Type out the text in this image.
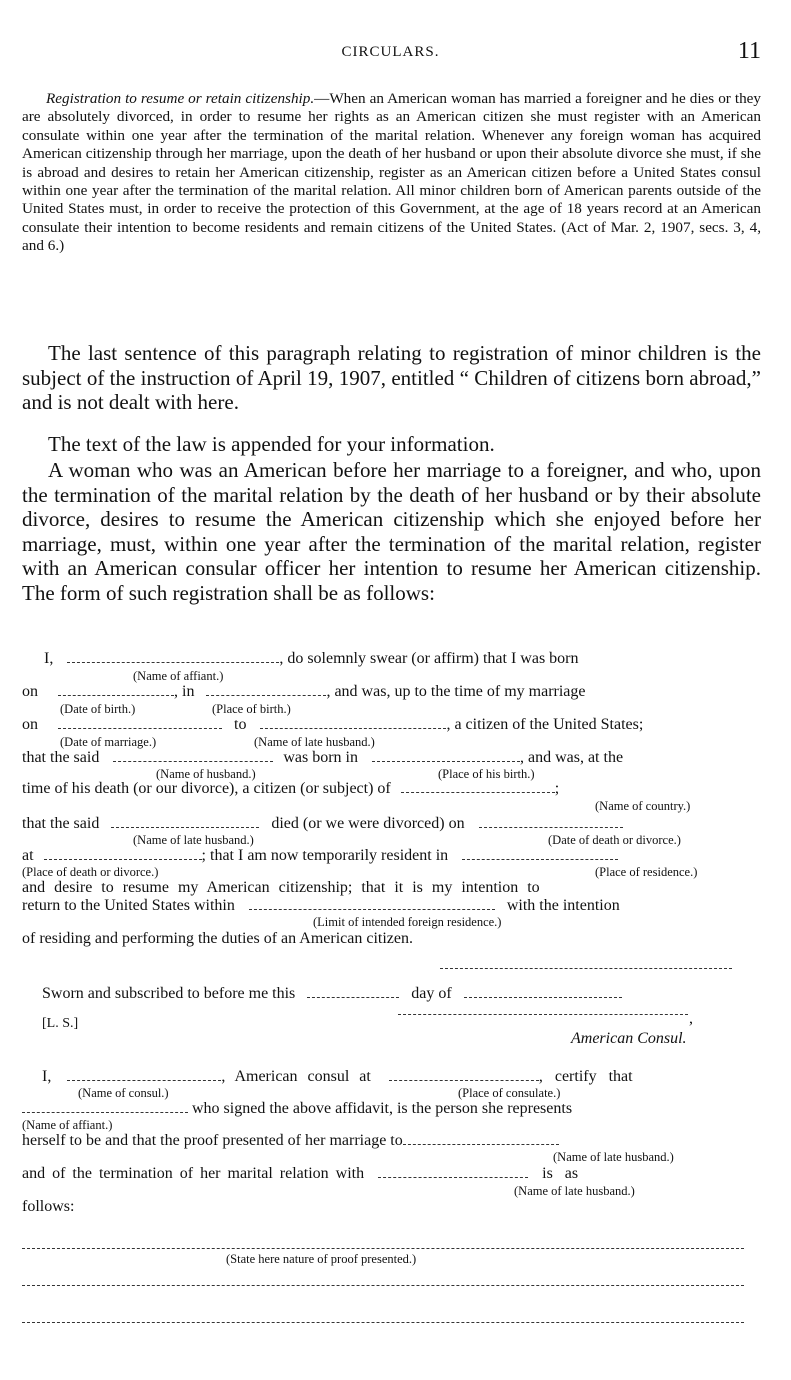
CIRCULARS.	11

Registration to resume or retain citizenship.—When an American woman has married a foreigner and he dies or they are absolutely divorced, in order to resume her rights as an American citizen she must register with an American consulate within one year after the termination of the marital relation. Whenever any foreign woman has acquired American citizenship through her marriage, upon the death of her husband or upon their absolute divorce she must, if she is abroad and desires to retain her American citizenship, register as an American citizen before a United States consul within one year after the termination of the marital relation. All minor children born of American parents outside of the United States must, in order to receive the protection of this Government, at the age of 18 years record at an American consulate their intention to become residents and remain citizens of the United States. (Act of Mar. 2, 1907, secs. 3, 4, and 6.)

The last sentence of this paragraph relating to registration of minor children is the subject of the instruction of April 19, 1907, entitled “ Children of citizens born abroad,” and is not dealt with here.

The text of the law is appended for your information.

A woman who was an American before her marriage to a foreigner, and who, upon the termination of the marital relation by the death of her husband or by their absolute divorce, desires to resume the American citizenship which she enjoyed before her marriage, must, within one year after the termination of the marital relation, register with an American consular officer her intention to resume her American citizenship. The form of such registration shall be as follows:

I,	, do solemnly swear (or affirm) that I was born
(Name of affiant.)
on	, in	, and was, up to the time of my marriage
(Date of birth.)	(Place of birth.)
on	to	, a citizen of the United States;
(Date of marriage.)	(Name of late husband.)
that the said	was born in	, and was, at the
(Name of husband.)	(Place of his birth.)
time of his death (or our divorce), a citizen (or subject) of	;
(Name of country.)
that the said	died (or we were divorced) on
(Name of late husband.)	(Date of death or divorce.)
at	; that I am now temporarily resident in
(Place of death or divorce.)	(Place of residence.)
and desire to resume my American citizenship; that it is my intention to
return to the United States within	with the intention
(Limit of intended foreign residence.)
of residing and performing the duties of an American citizen.
Sworn and subscribed to before me this	day of
[L. S.]	,
American Consul.
I,	, American consul at	, certify that
(Name of consul.)	(Place of consulate.)
who signed the above affidavit, is the person she represents
(Name of affiant.)
herself to be and that the proof presented of her marriage to
(Name of late husband.)
and of the termination of her marital relation with	is as
(Name of late husband.)
follows:
(State here nature of proof presented.)
